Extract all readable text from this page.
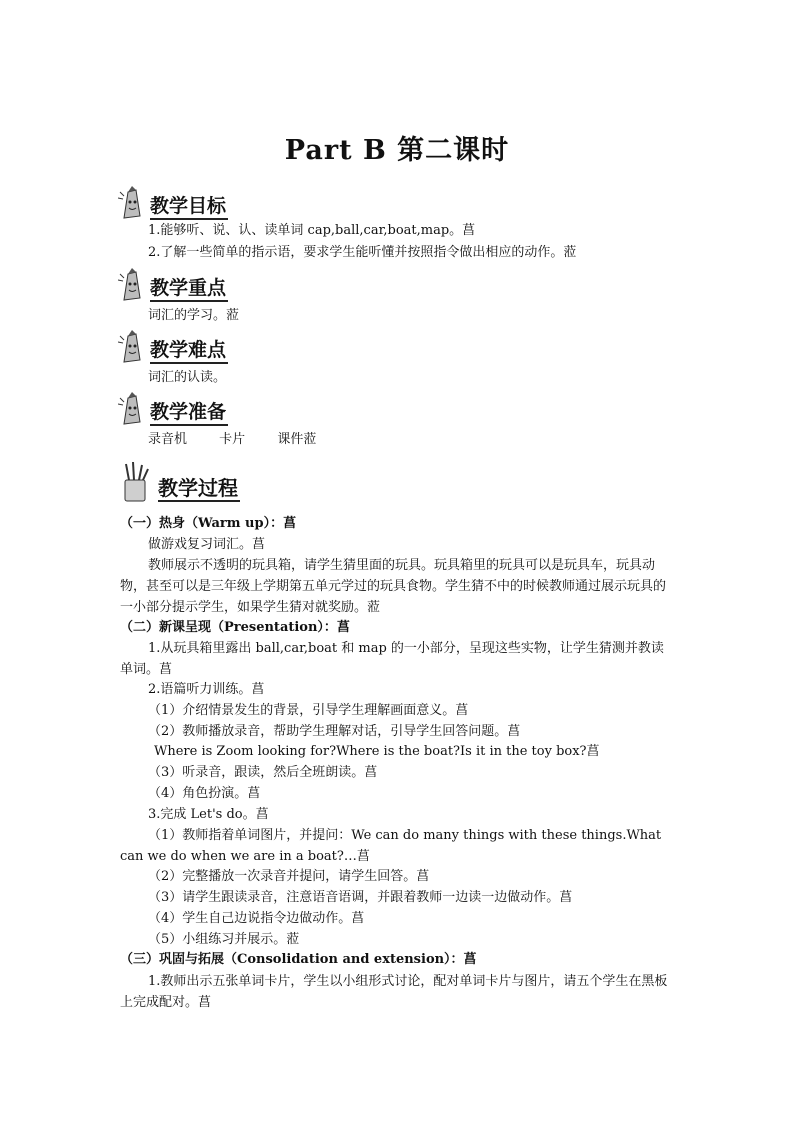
Part B 第二课时
教学目标
1.能够听、说、认、读单词 cap,ball,car,boat,map。菖
2.了解一些简单的指示语，要求学生能听懂并按照指令做出相应的动作。蒞
教学重点
词汇的学习。蒞
教学难点
词汇的认读。
教学准备
录音机 卡片 课件蒞
教学过程
（一）热身（Warm up）：菖
做游戏复习词汇。菖
教师展示不透明的玩具箱，请学生猜里面的玩具。玩具箱里的玩具可以是玩具车，玩具动物，甚至可以是三年级上学期第五单元学过的玩具食物。学生猜不中的时候教师通过展示玩具的一小部分提示学生，如果学生猜对就奖励。蒞
（二）新课呈现（Presentation）：菖
1.从玩具箱里露出 ball,car,boat 和 map 的一小部分，呈现这些实物，让学生猜测并教读单词。菖
2.语篇听力训练。菖
（1）介绍情景发生的背景，引导学生理解画面意义。菖
（2）教师播放录音，帮助学生理解对话，引导学生回答问题。菖
Where is Zoom looking for?Where is the boat?Is it in the toy box?菖
（3）听录音，跟读，然后全班朗读。菖
（4）角色扮演。菖
3.完成 Let's do。菖
（1）教师指着单词图片，并提问：We can do many things with these things.What can we do when we are in a boat?…菖
（2）完整播放一次录音并提问，请学生回答。菖
（3）请学生跟读录音，注意语音语调，并跟着教师一边读一边做动作。菖
（4）学生自己边说指令边做动作。菖
（5）小组练习并展示。蒞
（三）巩固与拓展（Consolidation and extension）：菖
1.教师出示五张单词卡片，学生以小组形式讨论，配对单词卡片与图片，请五个学生在黑板上完成配对。菖
